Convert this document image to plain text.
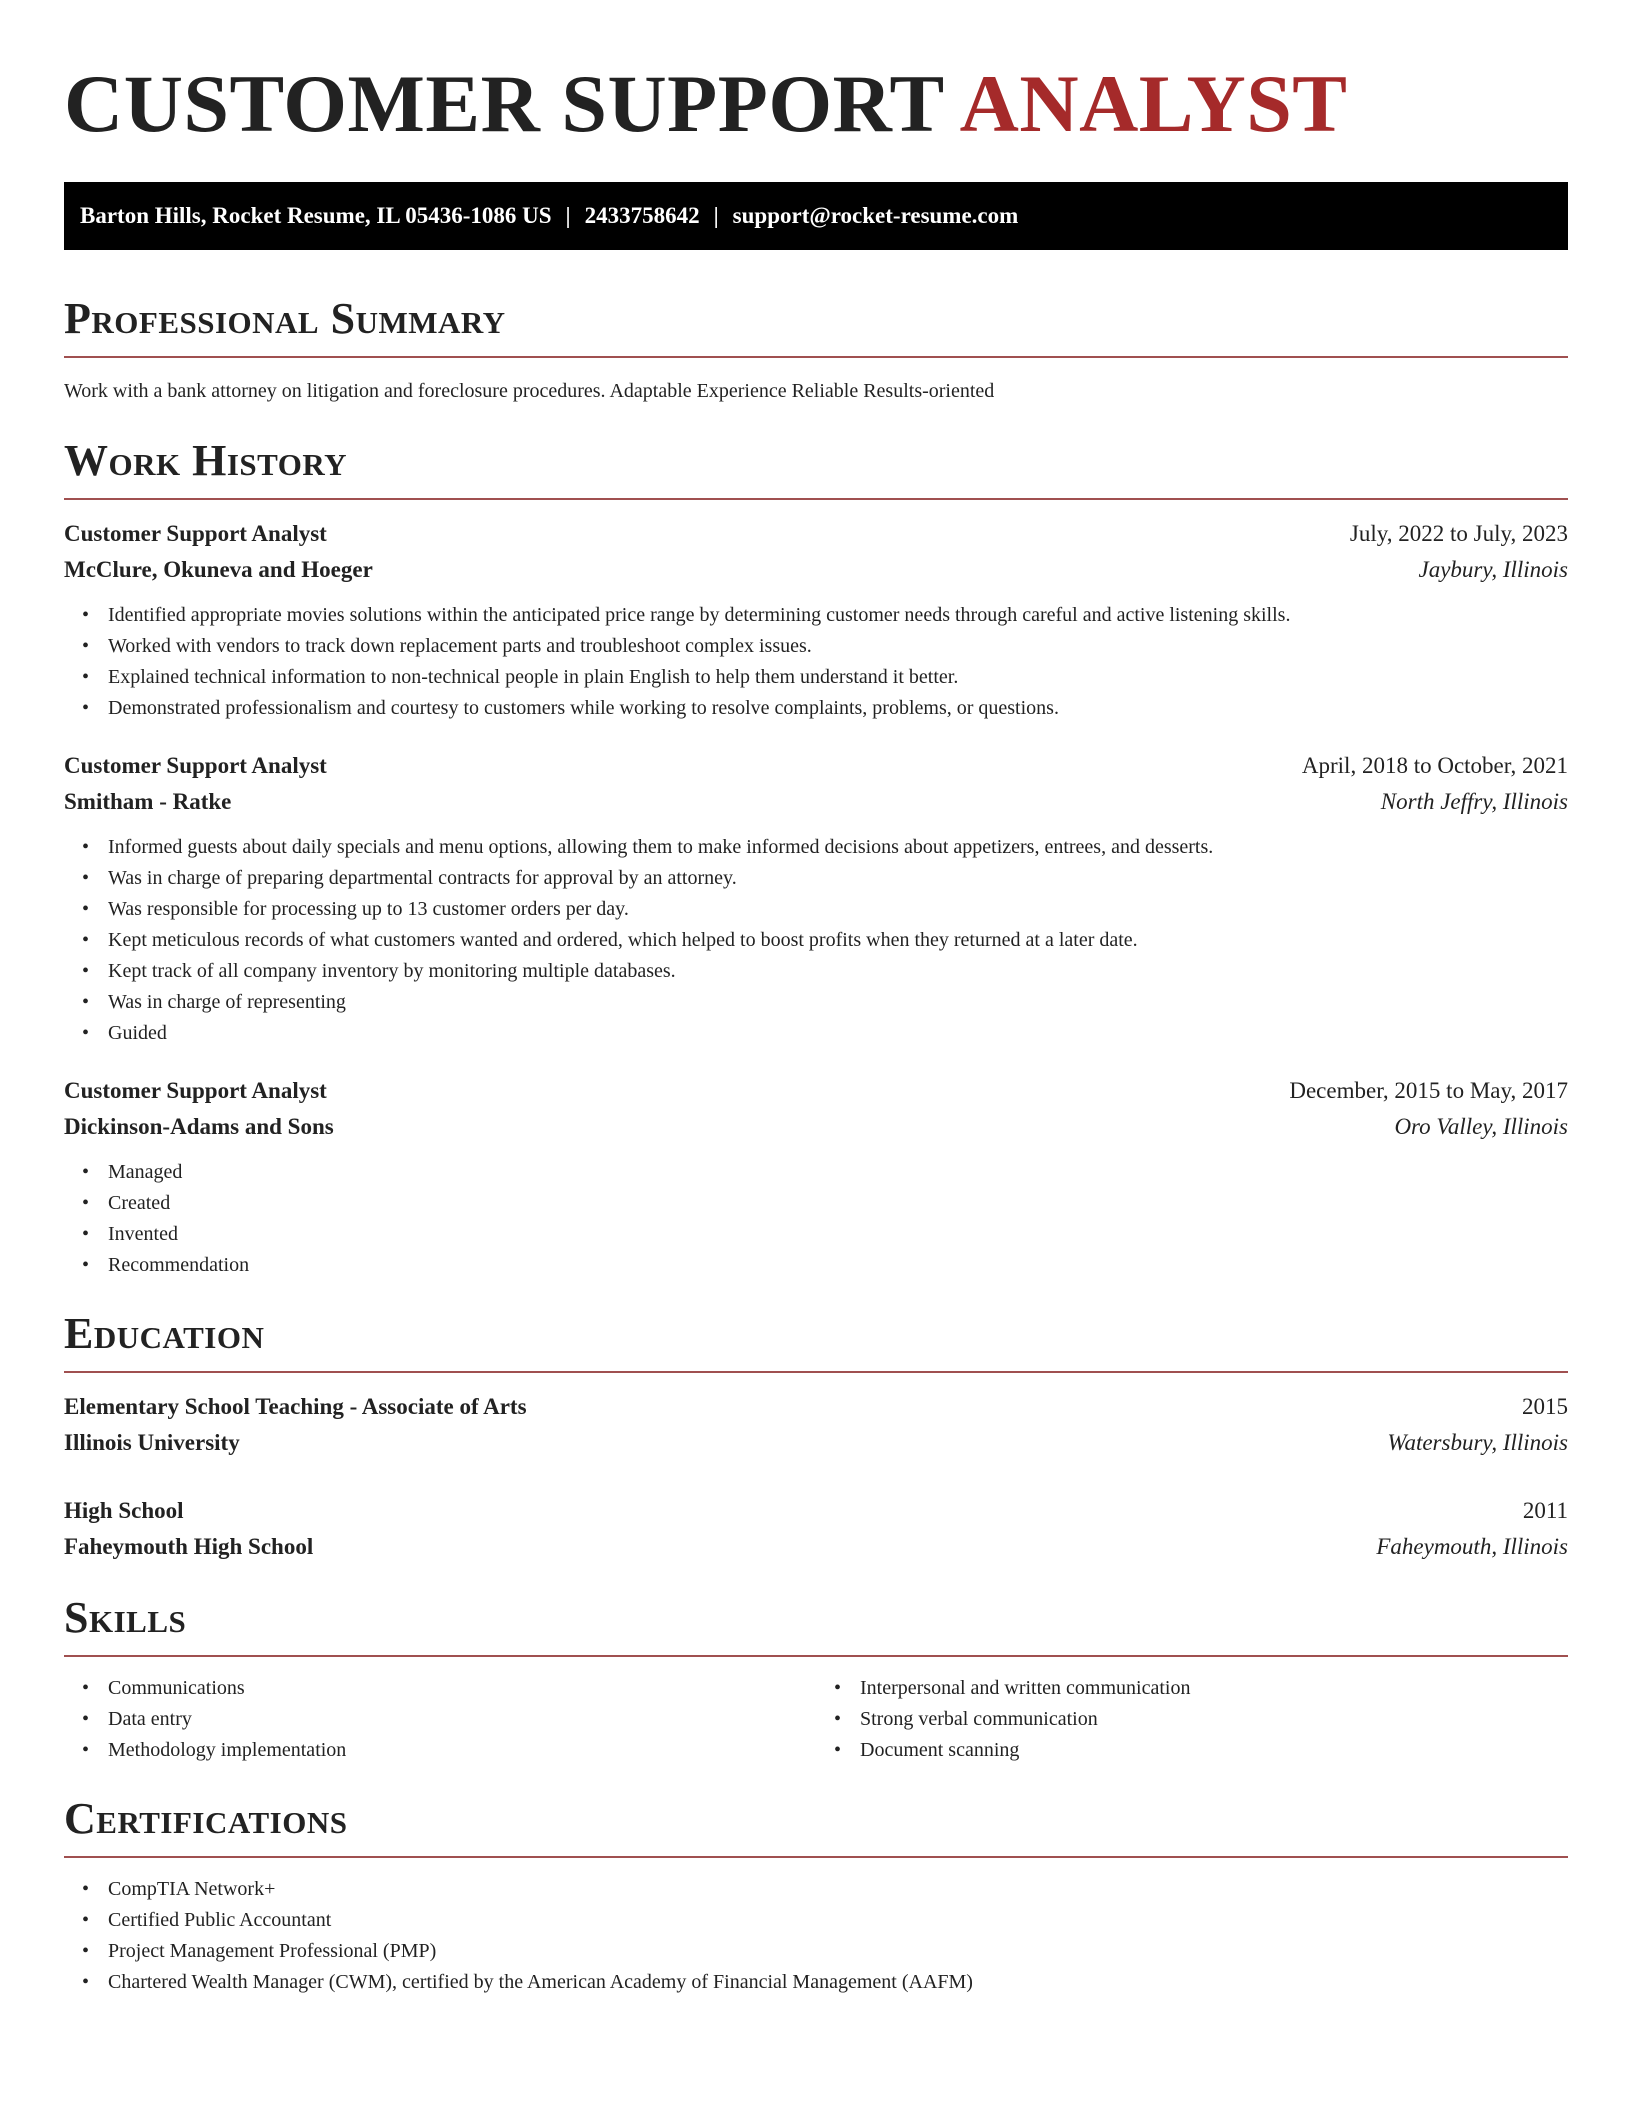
CUSTOMER SUPPORT ANALYST
Barton Hills, Rocket Resume, IL 05436-1086 US | 2433758642 | support@rocket-resume.com
Professional Summary
Work with a bank attorney on litigation and foreclosure procedures. Adaptable Experience Reliable Results-oriented
Work History
Customer Support Analyst	July, 2022 to July, 2023
McClure, Okuneva and Hoeger	Jaybury, Illinois
• Identified appropriate movies solutions within the anticipated price range by determining customer needs through careful and active listening skills.
• Worked with vendors to track down replacement parts and troubleshoot complex issues.
• Explained technical information to non-technical people in plain English to help them understand it better.
• Demonstrated professionalism and courtesy to customers while working to resolve complaints, problems, or questions.
Customer Support Analyst	April, 2018 to October, 2021
Smitham - Ratke	North Jeffry, Illinois
• Informed guests about daily specials and menu options, allowing them to make informed decisions about appetizers, entrees, and desserts.
• Was in charge of preparing departmental contracts for approval by an attorney.
• Was responsible for processing up to 13 customer orders per day.
• Kept meticulous records of what customers wanted and ordered, which helped to boost profits when they returned at a later date.
• Kept track of all company inventory by monitoring multiple databases.
• Was in charge of representing
• Guided
Customer Support Analyst	December, 2015 to May, 2017
Dickinson-Adams and Sons	Oro Valley, Illinois
• Managed
• Created
• Invented
• Recommendation
Education
Elementary School Teaching - Associate of Arts	2015
Illinois University	Watersbury, Illinois
High School	2011
Faheymouth High School	Faheymouth, Illinois
Skills
• Communications
• Data entry
• Methodology implementation
• Interpersonal and written communication
• Strong verbal communication
• Document scanning
Certifications
• CompTIA Network+
• Certified Public Accountant
• Project Management Professional (PMP)
• Chartered Wealth Manager (CWM), certified by the American Academy of Financial Management (AAFM)
